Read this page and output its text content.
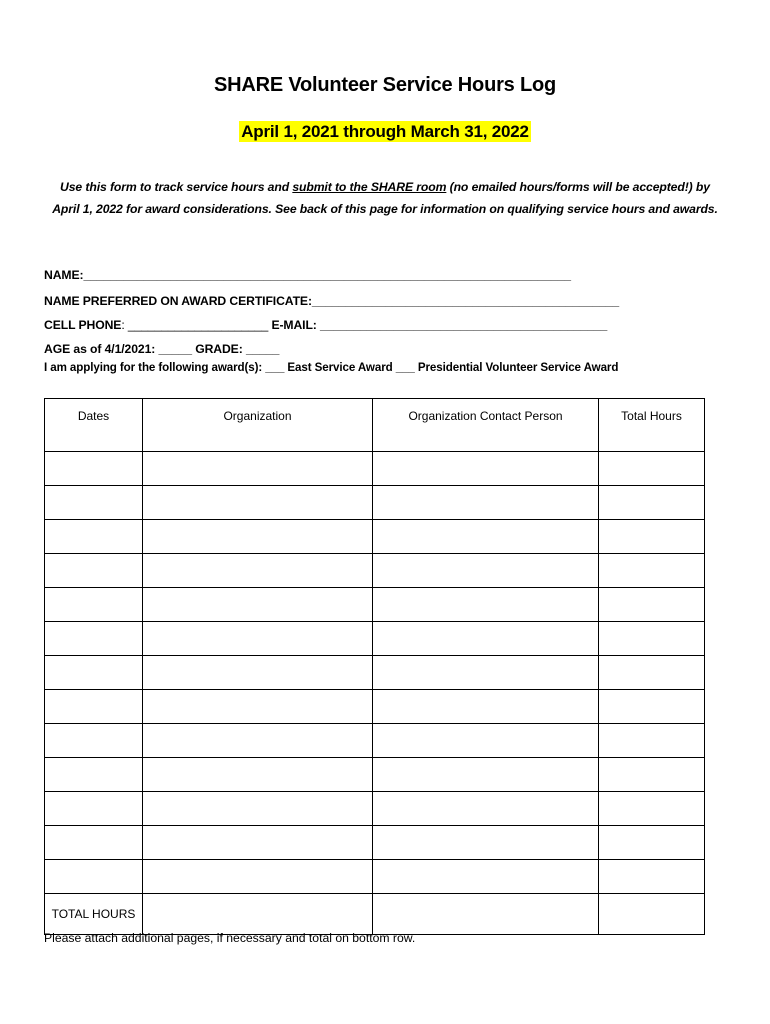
SHARE Volunteer Service Hours Log
April 1, 2021 through March 31, 2022
Use this form to track service hours and submit to the SHARE room (no emailed hours/forms will be accepted!) by April 1, 2022 for award considerations. See back of this page for information on qualifying service hours and awards.
NAME:_________________________________________________________________________
NAME PREFERRED ON AWARD CERTIFICATE:______________________________________________
CELL PHONE: _____________________ E-MAIL: ___________________________________________
AGE as of 4/1/2021: _____ GRADE: _____
I am applying for the following award(s): ___ East Service Award ___ Presidential Volunteer Service Award
Dates	Organization	Organization Contact Person	Total Hours

TOTAL HOURS			
Please attach additional pages, if necessary and total on bottom row.
